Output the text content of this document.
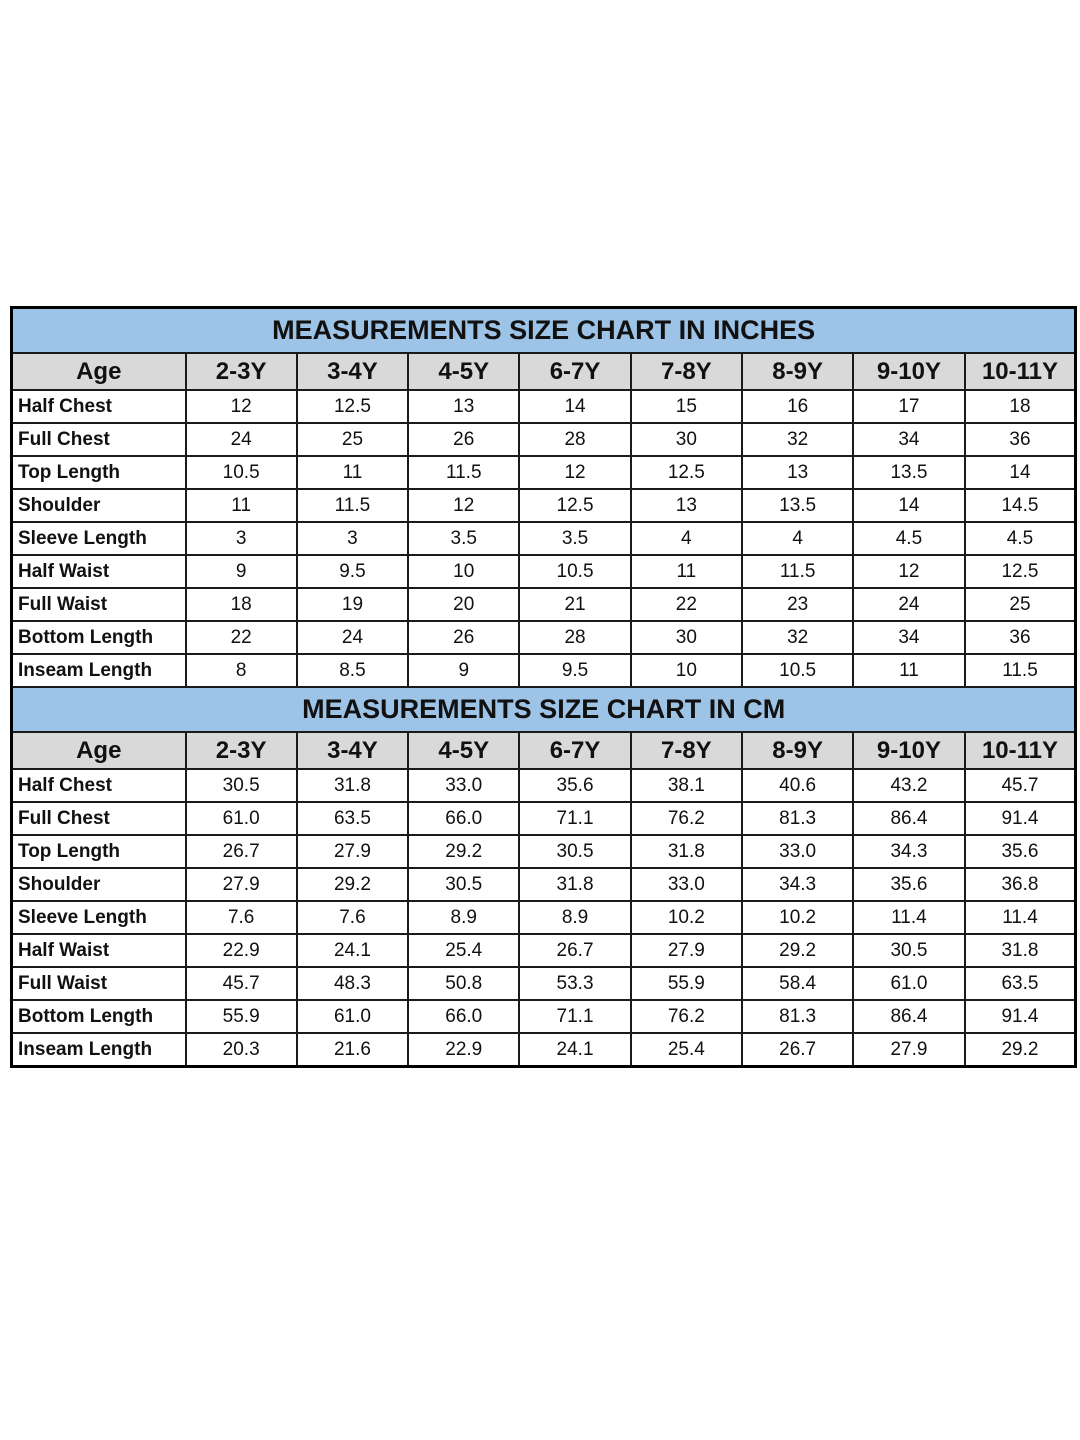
MEASUREMENTS SIZE CHART IN INCHES								
Age	2-3Y	3-4Y	4-5Y	6-7Y	7-8Y	8-9Y	9-10Y	10-11Y
Half Chest	12	12.5	13	14	15	16	17	18
Full Chest	24	25	26	28	30	32	34	36
Top Length	10.5	11	11.5	12	12.5	13	13.5	14
Shoulder	11	11.5	12	12.5	13	13.5	14	14.5
Sleeve Length	3	3	3.5	3.5	4	4	4.5	4.5
Half Waist	9	9.5	10	10.5	11	11.5	12	12.5
Full Waist	18	19	20	21	22	23	24	25
Bottom Length	22	24	26	28	30	32	34	36
Inseam Length	8	8.5	9	9.5	10	10.5	11	11.5
MEASUREMENTS SIZE CHART IN CM								
Age	2-3Y	3-4Y	4-5Y	6-7Y	7-8Y	8-9Y	9-10Y	10-11Y
Half Chest	30.5	31.8	33.0	35.6	38.1	40.6	43.2	45.7
Full Chest	61.0	63.5	66.0	71.1	76.2	81.3	86.4	91.4
Top Length	26.7	27.9	29.2	30.5	31.8	33.0	34.3	35.6
Shoulder	27.9	29.2	30.5	31.8	33.0	34.3	35.6	36.8
Sleeve Length	7.6	7.6	8.9	8.9	10.2	10.2	11.4	11.4
Half Waist	22.9	24.1	25.4	26.7	27.9	29.2	30.5	31.8
Full Waist	45.7	48.3	50.8	53.3	55.9	58.4	61.0	63.5
Bottom Length	55.9	61.0	66.0	71.1	76.2	81.3	86.4	91.4
Inseam Length	20.3	21.6	22.9	24.1	25.4	26.7	27.9	29.2
